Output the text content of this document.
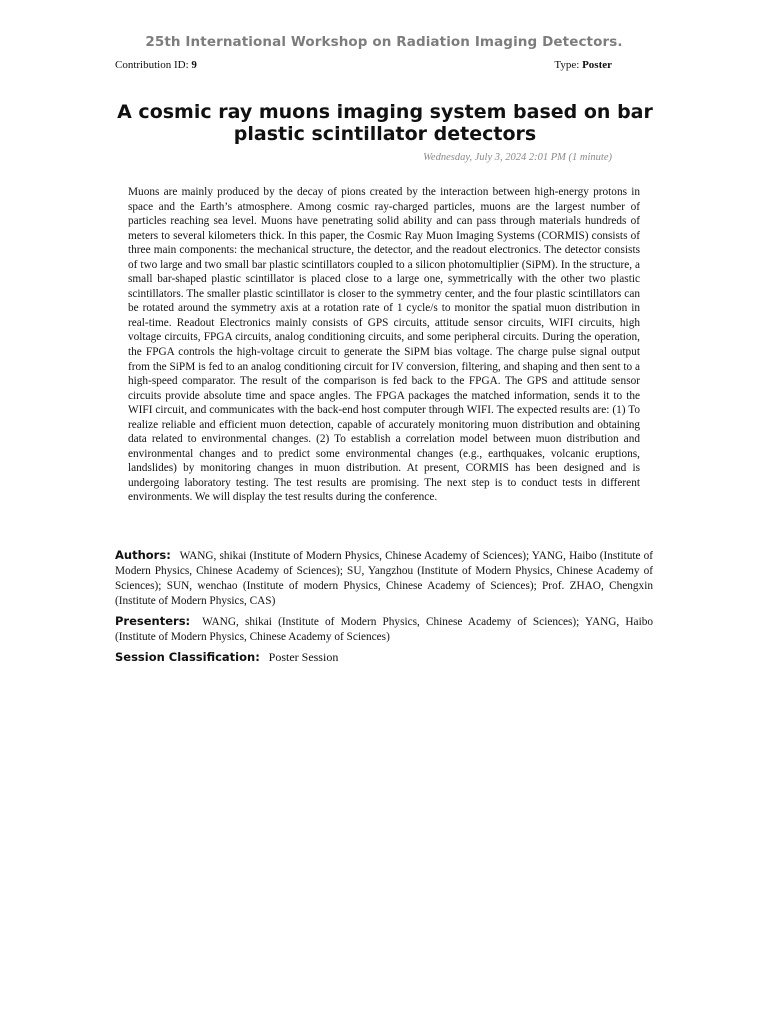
25th International Workshop on Radiation Imaging Detectors.
Contribution ID: 9	Type: Poster
A cosmic ray muons imaging system based on bar plastic scintillator detectors
Wednesday, July 3, 2024 2:01 PM (1 minute)
Muons are mainly produced by the decay of pions created by the interaction between high-energy protons in space and the Earth’s atmosphere. Among cosmic ray-charged particles, muons are the largest number of particles reaching sea level. Muons have penetrating solid ability and can pass through materials hundreds of meters to several kilometers thick. In this paper, the Cosmic Ray Muon Imaging Systems (CORMIS) consists of three main components: the mechanical structure, the detector, and the readout electronics. The detector consists of two large and two small bar plastic scintillators coupled to a silicon photomultiplier (SiPM). In the structure, a small bar-shaped plastic scintillator is placed close to a large one, symmetrically with the other two plastic scintillators. The smaller plastic scintillator is closer to the symmetry center, and the four plastic scintillators can be rotated around the symmetry axis at a rotation rate of 1 cycle/s to monitor the spatial muon distribution in real-time. Readout Electronics mainly consists of GPS circuits, attitude sensor circuits, WIFI circuits, high voltage circuits, FPGA circuits, analog conditioning circuits, and some peripheral circuits. During the operation, the FPGA controls the high-voltage circuit to generate the SiPM bias voltage. The charge pulse signal output from the SiPM is fed to an analog conditioning circuit for IV conversion, filtering, and shaping and then sent to a high-speed comparator. The result of the comparison is fed back to the FPGA. The GPS and attitude sensor circuits provide absolute time and space angles. The FPGA packages the matched information, sends it to the WIFI circuit, and communicates with the back-end host computer through WIFI. The expected results are: (1) To realize reliable and efficient muon detection, capable of accurately monitoring muon distribution and obtaining data related to environmental changes. (2) To establish a correlation model between muon distribution and environmental changes and to predict some environmental changes (e.g., earthquakes, volcanic eruptions, landslides) by monitoring changes in muon distribution. At present, CORMIS has been designed and is undergoing laboratory testing. The test results are promising. The next step is to conduct tests in different environments. We will display the test results during the conference.
Authors: WANG, shikai (Institute of Modern Physics, Chinese Academy of Sciences); YANG, Haibo (Institute of Modern Physics, Chinese Academy of Sciences); SU, Yangzhou (Institute of Modern Physics, Chinese Academy of Sciences); SUN, wenchao (Institute of modern Physics, Chinese Academy of Sciences); Prof. ZHAO, Chengxin (Institute of Modern Physics, CAS)
Presenters: WANG, shikai (Institute of Modern Physics, Chinese Academy of Sciences); YANG, Haibo (Institute of Modern Physics, Chinese Academy of Sciences)
Session Classification: Poster Session
